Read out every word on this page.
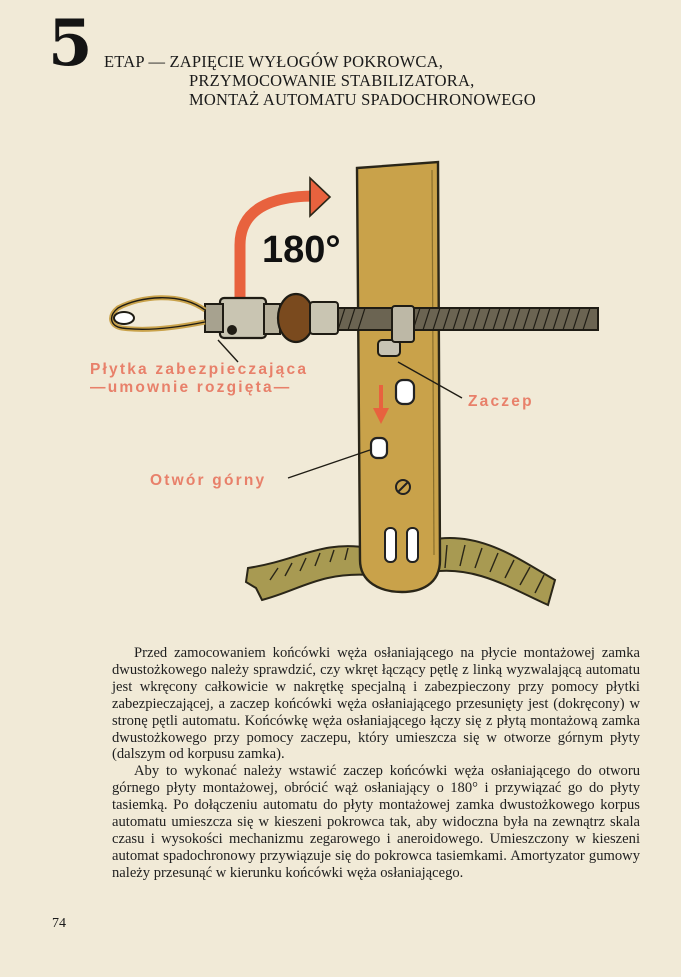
5 ETAP — ZAPIĘCIE WYŁOGÓW POKROWCA,
PRZYMOCOWANIE STABILIZATORA,
MONTAŻ AUTOMATU SPADOCHRONOWEGO
180°
Płytka zabezpieczająca
—umownie rozgięta—
Zaczep
Otwór górny

Przed zamocowaniem końcówki węża osłaniającego na płycie montażowej zamka dwustożkowego należy sprawdzić, czy wkręt łączący pętlę z linką wyzwalającą automatu jest wkręcony całkowicie w nakrętkę specjalną i zabezpieczony przy pomocy płytki zabezpieczającej, a zaczep końcówki węża osłaniającego przesunięty jest (dokręcony) w stronę pętli automatu. Końcówkę węża osłaniającego łączy się z płytą montażową zamka dwustożkowego przy pomocy zaczepu, który umieszcza się w otworze górnym płyty (dalszym od korpusu zamka).

Aby to wykonać należy wstawić zaczep końcówki węża osłaniającego do otworu górnego płyty montażowej, obrócić wąż osłaniający o 180° i przywiązać go do płyty tasiemką. Po dołączeniu automatu do płyty montażowej zamka dwustożkowego korpus automatu umieszcza się w kieszeni pokrowca tak, aby widoczna była na zewnątrz skala czasu i wysokości mechanizmu zegarowego i aneroidowego. Umieszczony w kieszeni automat spadochronowy przywiązuje się do pokrowca tasiemkami. Amortyzator gumowy należy przesunąć w kierunku końcówki węża osłaniającego.

74
